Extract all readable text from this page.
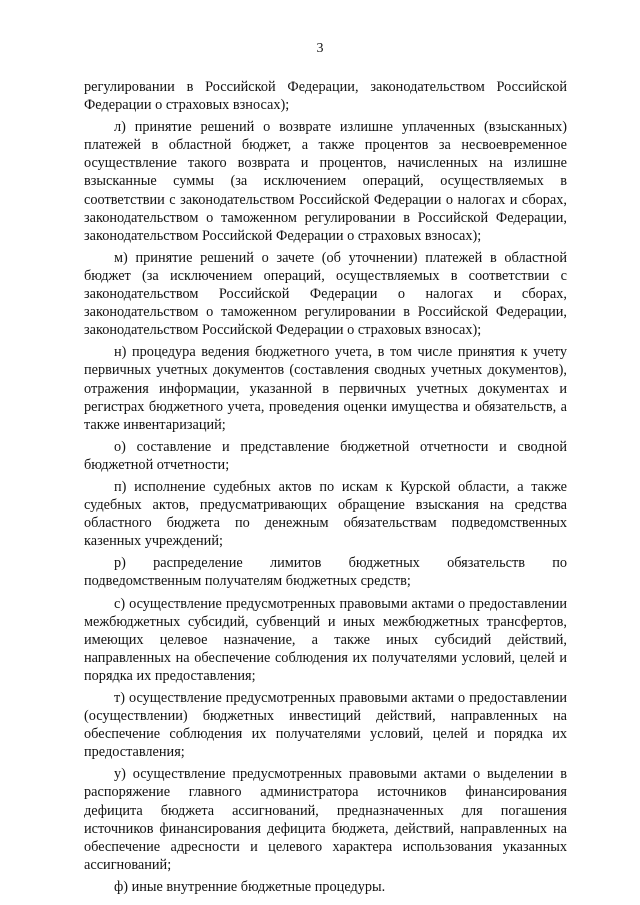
3

регулировании в Российской Федерации, законодательством Российской Федерации о страховых взносах);

л) принятие решений о возврате излишне уплаченных (взысканных) платежей в областной бюджет, а также процентов за несвоевременное осуществление такого возврата и процентов, начисленных на излишне взысканные суммы (за исключением операций, осуществляемых в соответствии с законодательством Российской Федерации о налогах и сборах, законодательством о таможенном регулировании в Российской Федерации, законодательством Российской Федерации о страховых взносах);

м) принятие решений о зачете (об уточнении) платежей в областной бюджет (за исключением операций, осуществляемых в соответствии с законодательством Российской Федерации о налогах и сборах, законодательством о таможенном регулировании в Российской Федерации, законодательством Российской Федерации о страховых взносах);

н) процедура ведения бюджетного учета, в том числе принятия к учету первичных учетных документов (составления сводных учетных документов), отражения информации, указанной в первичных учетных документах и регистрах бюджетного учета, проведения оценки имущества и обязательств, а также инвентаризаций;

о) составление и представление бюджетной отчетности и сводной бюджетной отчетности;

п) исполнение судебных актов по искам к Курской области, а также судебных актов, предусматривающих обращение взыскания на средства областного бюджета по денежным обязательствам подведомственных казенных учреждений;

р) распределение лимитов бюджетных обязательств по подведомственным получателям бюджетных средств;

с) осуществление предусмотренных правовыми актами о предоставлении межбюджетных субсидий, субвенций и иных межбюджетных трансфертов, имеющих целевое назначение, а также иных субсидий действий, направленных на обеспечение соблюдения их получателями условий, целей и порядка их предоставления;

т) осуществление предусмотренных правовыми актами о предоставлении (осуществлении) бюджетных инвестиций действий, направленных на обеспечение соблюдения их получателями условий, целей и порядка их предоставления;

у) осуществление предусмотренных правовыми актами о выделении в распоряжение главного администратора источников финансирования дефицита бюджета ассигнований, предназначенных для погашения источников финансирования дефицита бюджета, действий, направленных на обеспечение адресности и целевого характера использования указанных ассигнований;

ф) иные внутренние бюджетные процедуры.
